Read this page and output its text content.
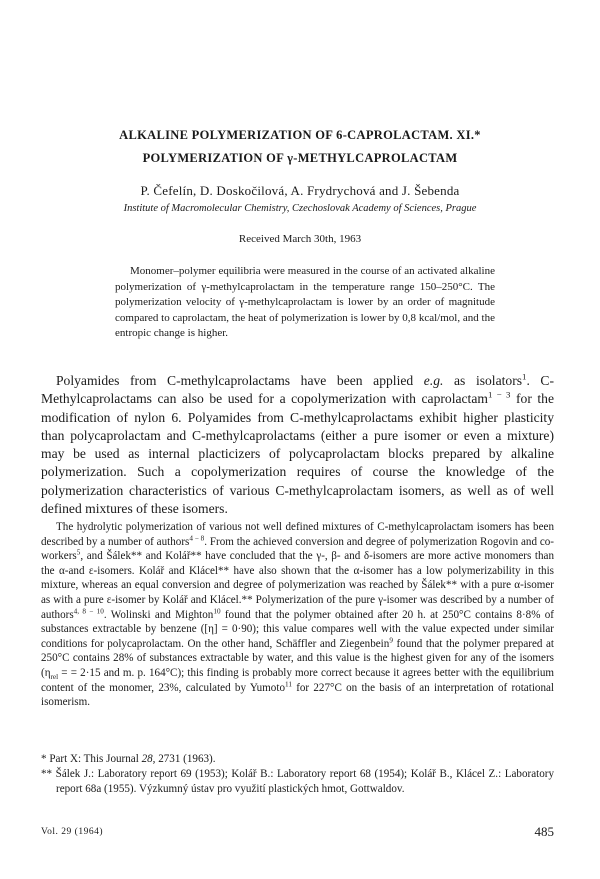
ALKALINE POLYMERIZATION OF 6-CAPROLACTAM. XI.*
POLYMERIZATION OF γ-METHYLCAPROLACTAM
P. Čefelín, D. Doskočilová, A. Frydrychová and J. Šebenda
Institute of Macromolecular Chemistry, Czechoslovak Academy of Sciences, Prague
Received March 30th, 1963

Monomer–polymer equilibria were measured in the course of an activated alkaline polymerization of γ-methylcaprolactam in the temperature range 150–250°C. The polymerization velocity of γ-methylcaprolactam is lower by an order of magnitude compared to caprolactam, the heat of polymerization is lower by 0,8 kcal/mol, and the entropic change is higher.

Polyamides from C-methylcaprolactams have been applied e.g. as isolators$^1$. C-Methylcaprolactams can also be used for a copolymerization with caprolactam$^{1 - 3}$ for the modification of nylon 6. Polyamides from C-methylcaprolactams exhibit higher plasticity than polycaprolactam and C-methylcaprolactams (either a pure isomer or even a mixture) may be used as internal placticizers of polycaprolactam blocks prepared by alkaline polymerization. Such a copolymerization requires of course the knowledge of the polymerization characteristics of various C-methylcaprolactam isomers, as well as of well defined mixtures of these isomers.

The hydrolytic polymerization of various not well defined mixtures of C-methylcaprolactam isomers has been described by a number of authors$^{4 - 8}$. From the achieved conversion and degree of polymerization Rogovin and co-workers$^5$, and Šálek** and Kolář** have concluded that the γ-, β- and δ-isomers are more active monomers than the α-and ε-isomers. Kolář and Klácel** have also shown that the α-isomer has a low polymerizability in this mixture, whereas an equal conversion and degree of polymerization was reached by Šálek** with a pure α-isomer as with a pure ε-isomer by Kolář and Klácel.** Polymerization of the pure γ-isomer was described by a number of authors$^{4, 8 - 10}$. Wolinski and Mighton$^{10}$ found that the polymer obtained after 20 h. at 250°C contains 8·8% of substances extractable by benzene ([η] = 0·90); this value compares well with the value expected under similar conditions for polycaprolactam. On the other hand, Schäffler and Ziegenbein$^9$ found that the polymer prepared at 250°C contains 28% of substances extractable by water, and this value is the highest given for any of the isomers ($\eta_{rel}$ = = 2·15 and m. p. 164°C); this finding is probably more correct because it agrees better with the equilibrium content of the monomer, 23%, calculated by Yumoto$^{11}$ for 227°C on the basis of an interpretation of rotational isomerism.

* Part X: This Journal 28, 2731 (1963).

** Šálek J.: Laboratory report 69 (1953); Kolář B.: Laboratory report 68 (1954); Kolář B., Klácel Z.: Laboratory report 68a (1955). Výzkumný ústav pro využití plastických hmot, Gottwaldov.

Vol. 29 (1964)	485
